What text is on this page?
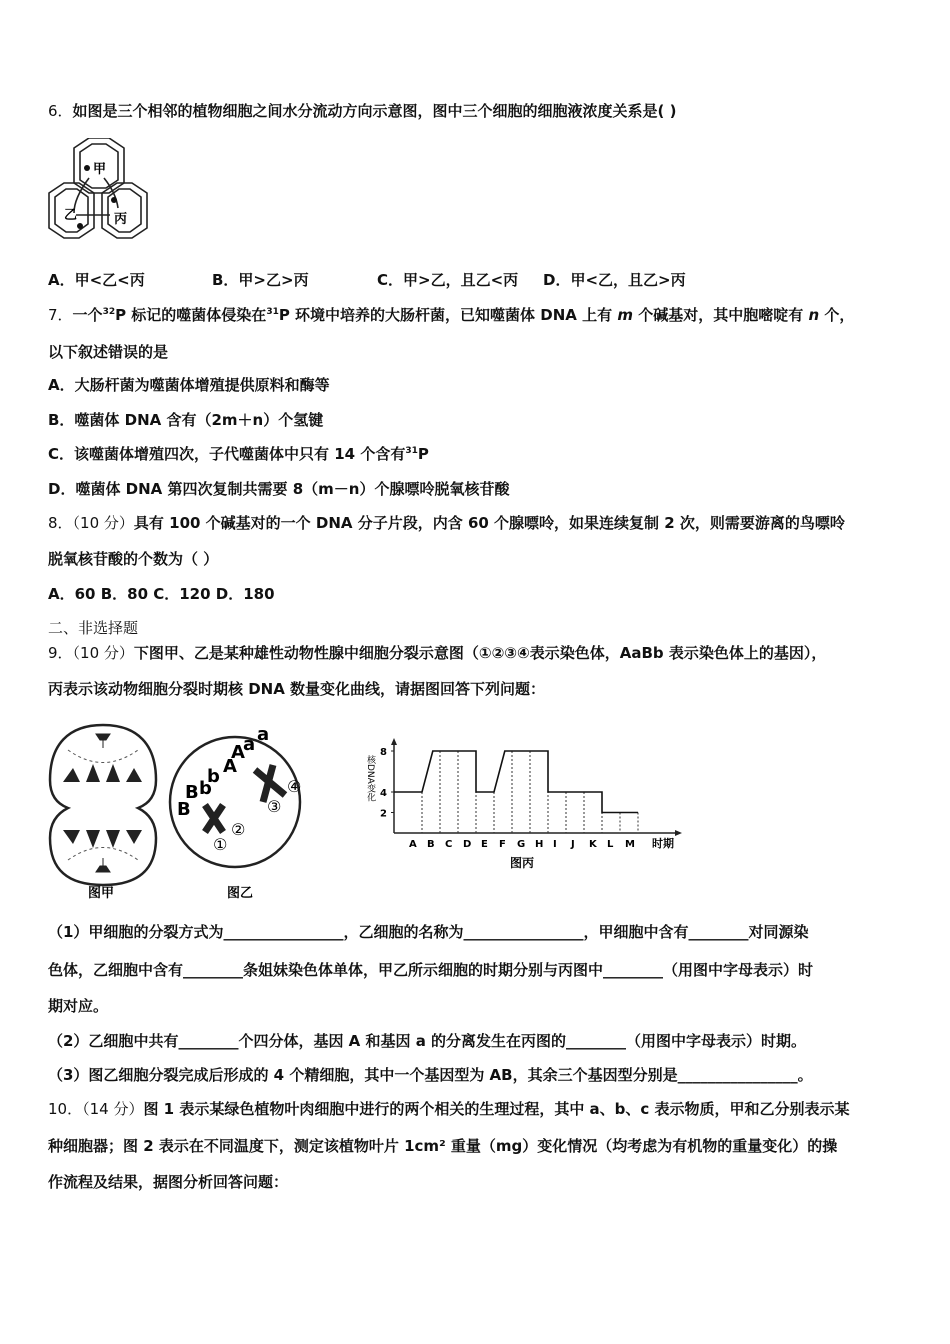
6．如图是三个相邻的植物细胞之间水分流动方向示意图，图中三个细胞的细胞液浓度关系是( )
甲
乙	丙
A．甲<乙<丙	B．甲>乙>丙	C．甲>乙，且乙<丙 D．甲<乙，且乙>丙
7．一个$^{32}$P 标记的噬菌体侵染在$^{31}$P 环境中培养的大肠杆菌，已知噬菌体 DNA 上有 m 个碱基对，其中胞嘧啶有 n 个，
以下叙述错误的是
A．大肠杆菌为噬菌体增殖提供原料和酶等
B．噬菌体 DNA 含有（2m＋n）个氢键
C．该噬菌体增殖四次，子代噬菌体中只有 14 个含有$^{31}$P
D．噬菌体 DNA 第四次复制共需要 8（m－n）个腺嘌呤脱氧核苷酸
8．（10 分）具有 100 个碱基对的一个 DNA 分子片段，内含 60 个腺嘌呤，如果连续复制 2 次，则需要游离的鸟嘌呤
脱氧核苷酸的个数为（ ）
A．60 B．80 C．120 D．180
二、非选择题
9．（10 分）下图甲、乙是某种雄性动物性腺中细胞分裂示意图（①②③④表示染色体，AaBb 表示染色体上的基因），
丙表示该动物细胞分裂时期核 DNA 数量变化曲线，请据图回答下列问题：
图甲
B
B b
b A
A
a a
①
②
③
④
图乙
核DNA变化
2
4
8
A B C D E F G H I J K L M 时期
图丙
（1）甲细胞的分裂方式为________________，乙细胞的名称为________________，甲细胞中含有________对同源染
色体，乙细胞中含有________条姐妹染色体单体，甲乙所示细胞的时期分别与丙图中________（用图中字母表示）时
期对应。
（2）乙细胞中共有________个四分体，基因 A 和基因 a 的分离发生在丙图的________（用图中字母表示）时期。
（3）图乙细胞分裂完成后形成的 4 个精细胞，其中一个基因型为 AB，其余三个基因型分别是________________。
10．（14 分）图 1 表示某绿色植物叶肉细胞中进行的两个相关的生理过程，其中 a、b、c 表示物质，甲和乙分别表示某
种细胞器；图 2 表示在不同温度下，测定该植物叶片 1cm² 重量（mg）变化情况（均考虑为有机物的重量变化）的操
作流程及结果，据图分析回答问题：
